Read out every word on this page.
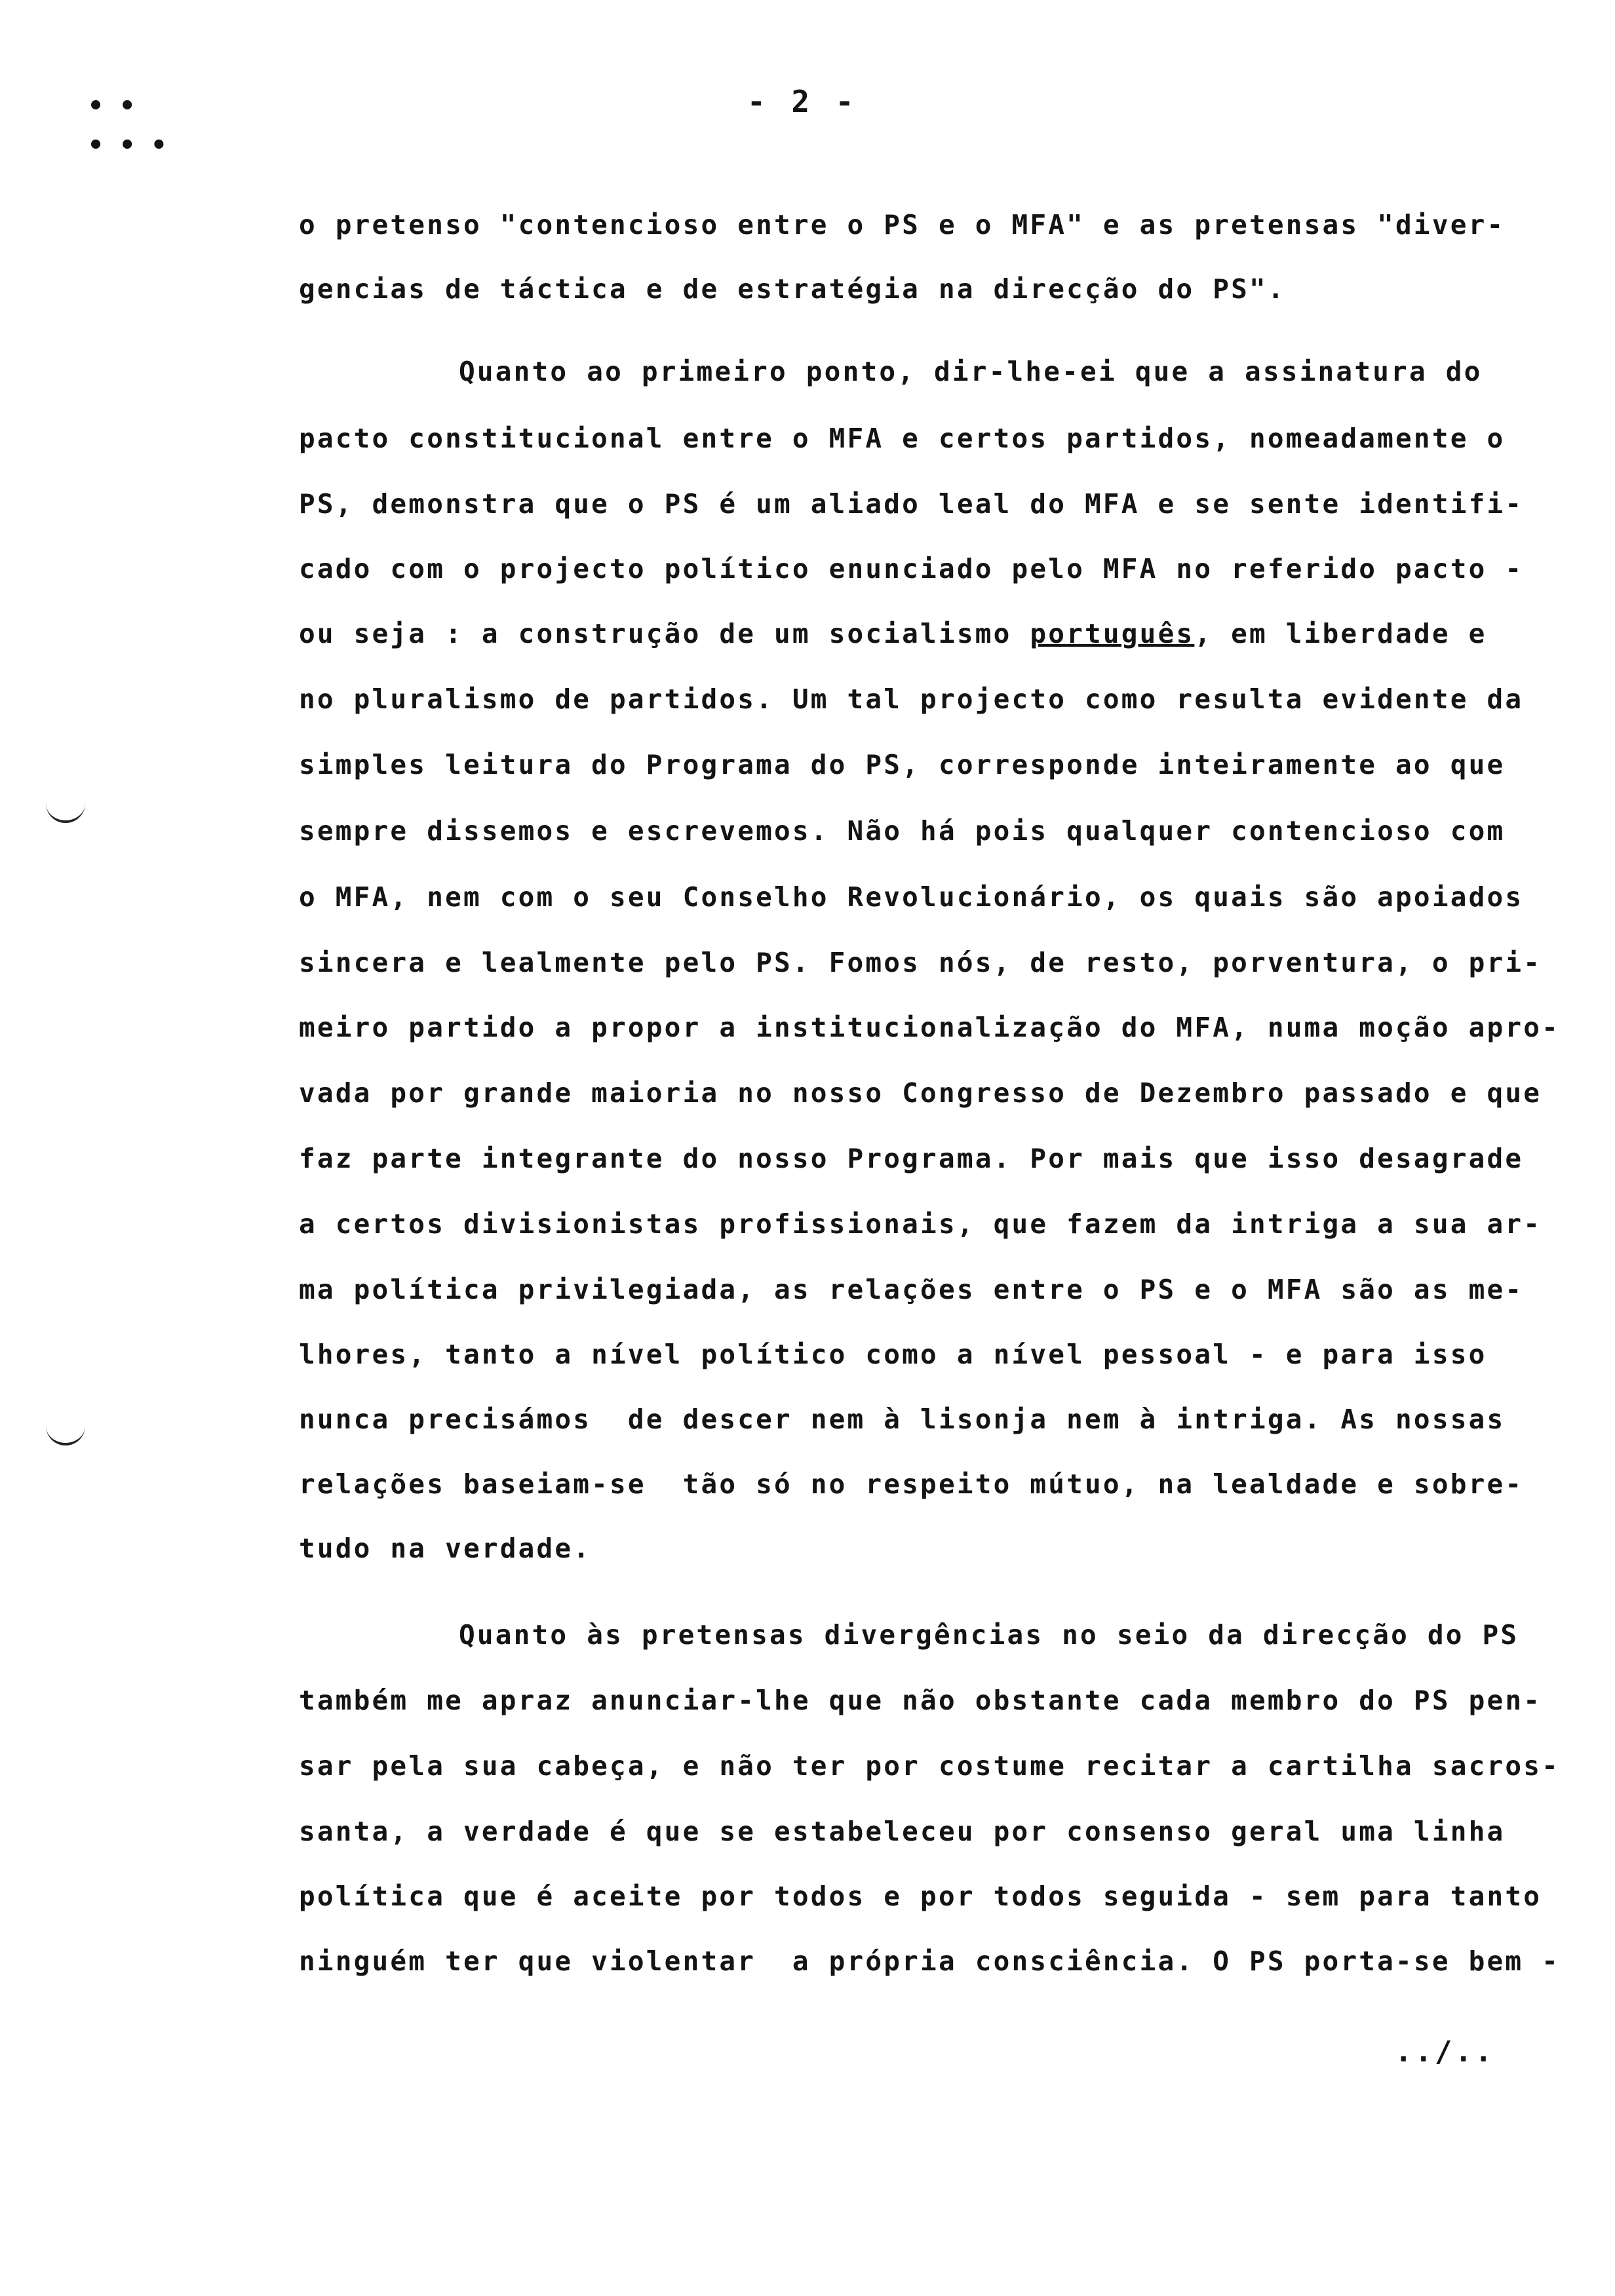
• •
• • •
- 2 -
o pretenso "contencioso entre o PS e o MFA" e as pretensas "diver-
gencias de táctica e de estratégia na direcção do PS".
Quanto ao primeiro ponto, dir-lhe-ei que a assinatura do
pacto constitucional entre o MFA e certos partidos, nomeadamente o
PS, demonstra que o PS é um aliado leal do MFA e se sente identifi-
cado com o projecto político enunciado pelo MFA no referido pacto -
ou seja : a construção de um socialismo português, em liberdade e
no pluralismo de partidos. Um tal projecto como resulta evidente da
simples leitura do Programa do PS, corresponde inteiramente ao que
sempre dissemos e escrevemos. Não há pois qualquer contencioso com
o MFA, nem com o seu Conselho Revolucionário, os quais são apoiados
sincera e lealmente pelo PS. Fomos nós, de resto, porventura, o pri-
meiro partido a propor a institucionalização do MFA, numa moção apro-
vada por grande maioria no nosso Congresso de Dezembro passado e que
faz parte integrante do nosso Programa. Por mais que isso desagrade
a certos divisionistas profissionais, que fazem da intriga a sua ar-
ma política privilegiada, as relações entre o PS e o MFA são as me-
lhores, tanto a nível político como a nível pessoal - e para isso
nunca precisámos  de descer nem à lisonja nem à intriga. As nossas
relações baseiam-se  tão só no respeito mútuo, na lealdade e sobre-
tudo na verdade.
Quanto às pretensas divergências no seio da direcção do PS
também me apraz anunciar-lhe que não obstante cada membro do PS pen-
sar pela sua cabeça, e não ter por costume recitar a cartilha sacros-
santa, a verdade é que se estabeleceu por consenso geral uma linha
política que é aceite por todos e por todos seguida - sem para tanto
ninguém ter que violentar  a própria consciência. O PS porta-se bem -
../..
